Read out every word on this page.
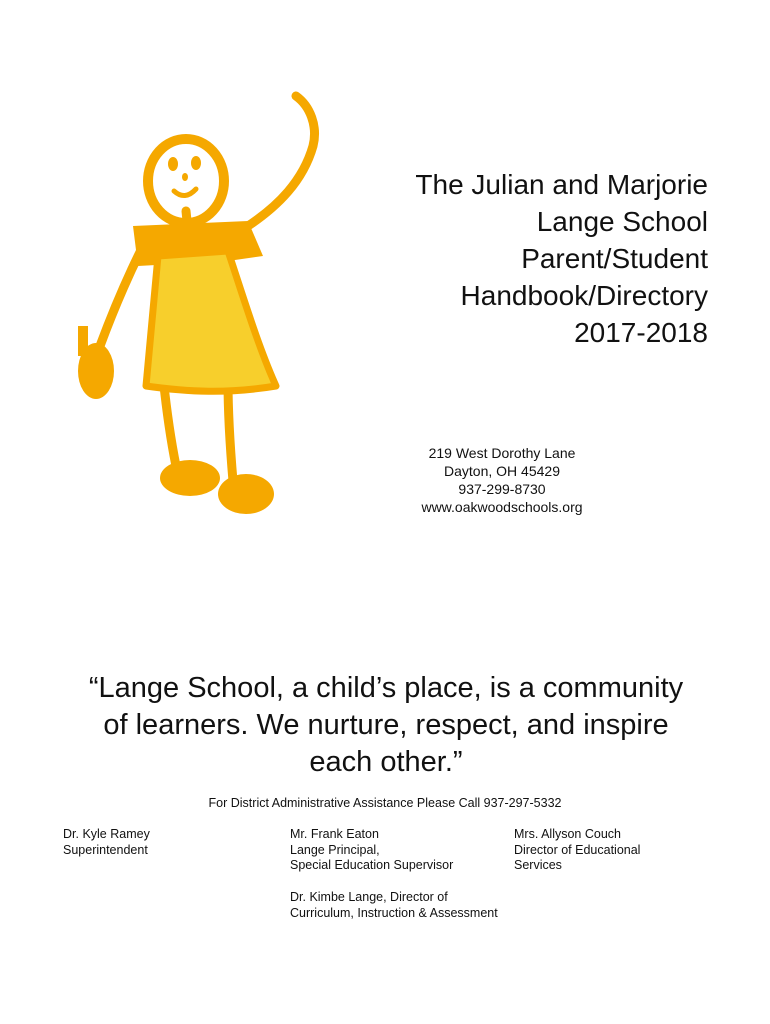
The Julian and Marjorie
Lange School
Parent/Student
Handbook/Directory
2017-2018
219 West Dorothy Lane
Dayton, OH 45429
937-299-8730
www.oakwoodschools.org
“Lange School, a child’s place, is a community
of learners. We nurture, respect, and inspire
each other.”
For District Administrative Assistance Please Call 937-297-5332
Dr. Kyle Ramey
Superintendent
Mr. Frank Eaton
Lange Principal,
Special Education Supervisor
Dr. Kimbe Lange, Director of
Curriculum, Instruction & Assessment
Mrs. Allyson Couch
Director of Educational
Services
